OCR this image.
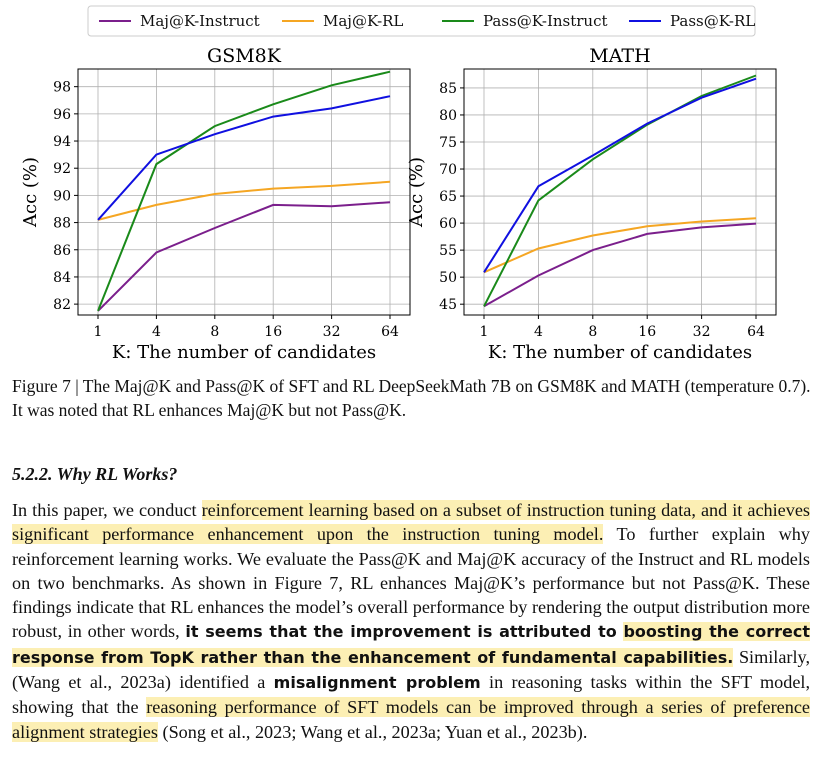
Maj@K-Instruct	Maj@K-RL	Pass@K-Instruct	Pass@K-RL
1	4	8	16	32	64
82
84
86
88
90
92
94
96
98
GSM8K
K: The number of candidates
Acc (%)
1	4	8	16	32	64
45
50
55
60
65
70
75
80
85
MATH
K: The number of candidates
Acc (%)
Figure 7 | The Maj@K and Pass@K of SFT and RL DeepSeekMath 7B on GSM8K and MATH (temperature 0.7). It was noted that RL enhances Maj@K but not Pass@K.
5.2.2. Why RL Works?
In this paper, we conduct reinforcement learning based on a subset of instruction tuning data, and it achieves significant performance enhancement upon the instruction tuning model. To further explain why reinforcement learning works. We evaluate the Pass@K and Maj@K accuracy of the Instruct and RL models on two benchmarks. As shown in Figure 7, RL enhances Maj@K’s performance but not Pass@K. These findings indicate that RL enhances the model’s overall performance by rendering the output distribution more robust, in other words, it seems that the improvement is attributed to boosting the correct response from TopK rather than the enhancement of fundamental capabilities. Similarly, (Wang et al., 2023a) identified a misalignment problem in reasoning tasks within the SFT model, showing that the reasoning performance of SFT models can be improved through a series of preference alignment strategies (Song et al., 2023; Wang et al., 2023a; Yuan et al., 2023b).
